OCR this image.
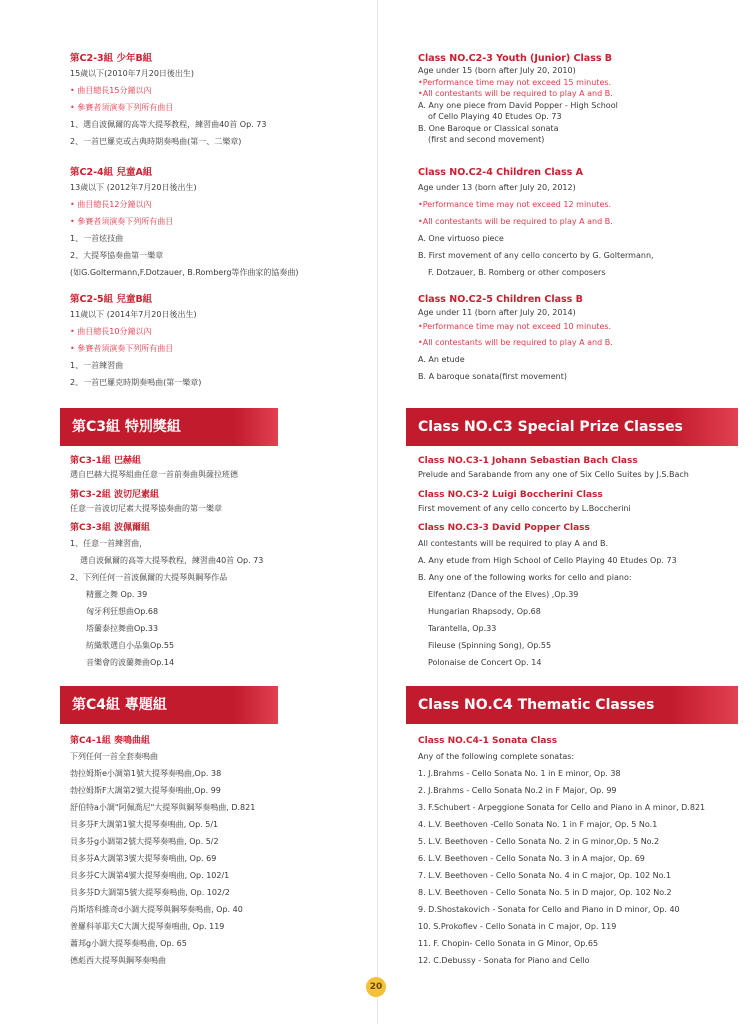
第C2-3組 少年B組
15歲以下(2010年7月20日後出生)
• 曲目總長15分鐘以內
• 參賽者須演奏下列所有曲目
1、選自波佩爾的高等大提琴教程，練習曲40首 Op. 73
2、一首巴羅克或古典時期奏鳴曲(第一、二樂章)
第C2-4組 兒童A組
13歲以下 (2012年7月20日後出生)
• 曲目總長12分鐘以內
• 參賽者須演奏下列所有曲目
1、一首炫技曲
2、大提琴協奏曲第一樂章
(如G.Goltermann,F.Dotzauer, B.Romberg等作曲家的協奏曲)
第C2-5組 兒童B組
11歲以下 (2014年7月20日後出生)
• 曲目總長10分鐘以內
• 參賽者須演奏下列所有曲目
1、一首練習曲
2、一首巴羅克時期奏鳴曲(第一樂章)
第C3組 特別獎組
第C3-1組 巴赫組
選自巴赫大提琴組曲任意一首前奏曲與薩拉班德
第C3-2組 波切尼素組
任意一首波切尼素大提琴協奏曲的第一樂章
第C3-3組 波佩爾組
1、任意一首練習曲，
選自波佩爾的高等大提琴教程，練習曲40首 Op. 73
2、下列任何一首波佩爾的大提琴與鋼琴作品
精靈之舞 Op. 39
匈牙利狂想曲Op.68
塔蘭泰拉舞曲Op.33
紡織歌選自小品集Op.55
音樂會的波蘭舞曲Op.14
第C4組 專題組
第C4-1組 奏鳴曲組
下列任何一首全套奏鳴曲
勃拉姆斯e小調第1號大提琴奏鳴曲,Op. 38
勃拉姆斯F大調第2號大提琴奏鳴曲,Op. 99
舒伯特a小調"阿佩喬尼"大提琴與鋼琴奏鳴曲, D.821
貝多芬F大調第1號大提琴奏鳴曲, Op. 5/1
貝多芬g小調第2號大提琴奏鳴曲, Op. 5/2
貝多芬A大調第3號大提琴奏鳴曲, Op. 69
貝多芬C大調第4號大提琴奏鳴曲, Op. 102/1
貝多芬D大調第5號大提琴奏鳴曲, Op. 102/2
肖斯塔科維奇d小調大提琴與鋼琴奏鳴曲, Op. 40
普羅科菲耶夫C大調大提琴奏鳴曲, Op. 119
蕭邦g小調大提琴奏鳴曲, Op. 65
德彪西大提琴與鋼琴奏鳴曲
Class NO.C2-3 Youth (Junior) Class B
Age under 15 (born after July 20, 2010)
•Performance time may not exceed 15 minutes.
•All contestants will be required to play A and B.
A. Any one piece from David Popper - High School
of Cello Playing 40 Etudes Op. 73
B. One Baroque or Classical sonata
(first and second movement)
Class NO.C2-4 Children Class A
Age under 13 (born after July 20, 2012)
•Performance time may not exceed 12 minutes.
•All contestants will be required to play A and B.
A. One virtuoso piece
B. First movement of any cello concerto by G. Goltermann,
F. Dotzauer, B. Romberg or other composers
Class NO.C2-5 Children Class B
Age under 11 (born after July 20, 2014)
•Performance time may not exceed 10 minutes.
•All contestants will be required to play A and B.
A. An etude
B. A baroque sonata(first movement)
Class NO.C3 Special Prize Classes
Class NO.C3-1 Johann Sebastian Bach Class
Prelude and Sarabande from any one of Six Cello Suites by J.S.Bach
Class NO.C3-2 Luigi Boccherini Class
First movement of any cello concerto by L.Boccherini
Class NO.C3-3 David Popper Class
All contestants will be required to play A and B.
A. Any etude from High School of Cello Playing 40 Etudes Op. 73
B. Any one of the following works for cello and piano:
Elfentanz (Dance of the Elves) ,Op.39
Hungarian Rhapsody, Op.68
Tarantella, Op.33
Fileuse (Spinning Song), Op.55
Polonaise de Concert Op. 14
Class NO.C4 Thematic Classes
Class NO.C4-1 Sonata Class
Any of the following complete sonatas:
1. J.Brahms - Cello Sonata No. 1 in E minor, Op. 38
2. J.Brahms - Cello Sonata No.2 in F Major, Op. 99
3. F.Schubert - Arpeggione Sonata for Cello and Piano in A minor, D.821
4. L.V. Beethoven -Cello Sonata No. 1 in F major, Op. 5 No.1
5. L.V. Beethoven - Cello Sonata No. 2 in G minor,Op. 5 No.2
6. L.V. Beethoven - Cello Sonata No. 3 in A major, Op. 69
7. L.V. Beethoven - Cello Sonata No. 4 in C major, Op. 102 No.1
8. L.V. Beethoven - Cello Sonata No. 5 in D major, Op. 102 No.2
9. D.Shostakovich - Sonata for Cello and Piano in D minor, Op. 40
10. S.Prokofiev - Cello Sonata in C major, Op. 119
11. F. Chopin- Cello Sonata in G Minor, Op.65
12. C.Debussy - Sonata for Piano and Cello
20
